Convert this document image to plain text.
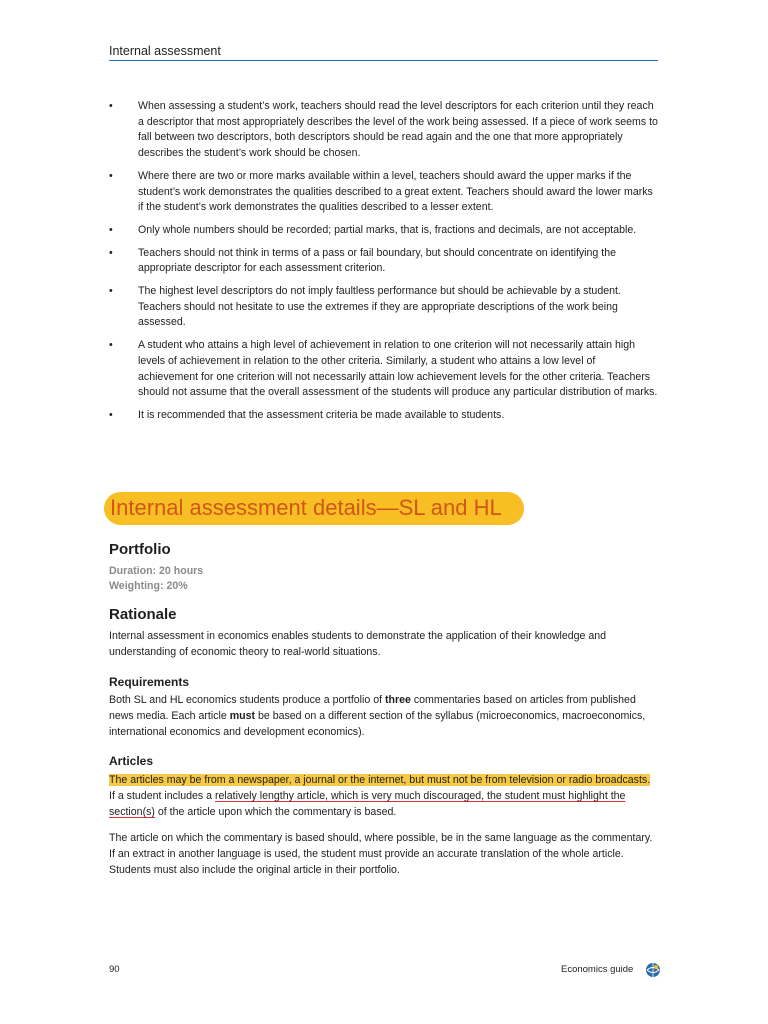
Internal assessment
• When assessing a student’s work, teachers should read the level descriptors for each criterion until they reach a descriptor that most appropriately describes the level of the work being assessed. If a piece of work seems to fall between two descriptors, both descriptors should be read again and the one that more appropriately describes the student’s work should be chosen.
• Where there are two or more marks available within a level, teachers should award the upper marks if the student’s work demonstrates the qualities described to a great extent. Teachers should award the lower marks if the student’s work demonstrates the qualities described to a lesser extent.
• Only whole numbers should be recorded; partial marks, that is, fractions and decimals, are not acceptable.
• Teachers should not think in terms of a pass or fail boundary, but should concentrate on identifying the appropriate descriptor for each assessment criterion.
• The highest level descriptors do not imply faultless performance but should be achievable by a student. Teachers should not hesitate to use the extremes if they are appropriate descriptions of the work being assessed.
• A student who attains a high level of achievement in relation to one criterion will not necessarily attain high levels of achievement in relation to the other criteria. Similarly, a student who attains a low level of achievement for one criterion will not necessarily attain low achievement levels for the other criteria. Teachers should not assume that the overall assessment of the students will produce any particular distribution of marks.
• It is recommended that the assessment criteria be made available to students.
Internal assessment details—SL and HL
Portfolio
Duration: 20 hours
Weighting: 20%
Rationale

Internal assessment in economics enables students to demonstrate the application of their knowledge and understanding of economic theory to real-world situations.

Requirements

Both SL and HL economics students produce a portfolio of three commentaries based on articles from published news media. Each article must be based on a different section of the syllabus (microeconomics, macroeconomics, international economics and development economics).

Articles

The articles may be from a newspaper, a journal or the internet, but must not be from television or radio broadcasts. If a student includes a relatively lengthy article, which is very much discouraged, the student must highlight the section(s) of the article upon which the commentary is based.

The article on which the commentary is based should, where possible, be in the same language as the commentary. If an extract in another language is used, the student must provide an accurate translation of the whole article. Students must also include the original article in their portfolio.

90	Economics guide
